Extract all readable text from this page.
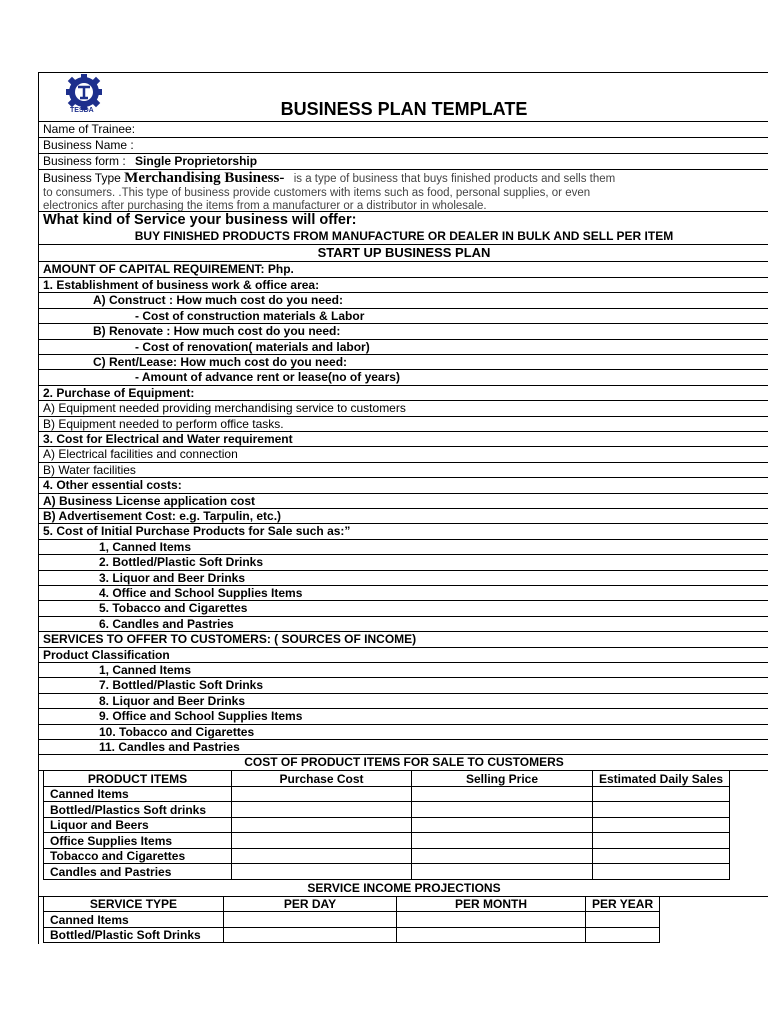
TESDA	BUSINESS PLAN TEMPLATE
Name of Trainee:
Business Name :
Business form : Single Proprietorship
Business Type Merchandising Business- is a type of business that buys finished products and sells them
to consumers. .This type of business provide customers with items such as food, personal supplies, or even
electronics after purchasing the items from a manufacturer or a distributor in wholesale.
What kind of Service your business will offer:
BUY FINISHED PRODUCTS FROM MANUFACTURE OR DEALER IN BULK AND SELL PER ITEM
START UP BUSINESS PLAN
AMOUNT OF CAPITAL REQUIREMENT: Php.
1. Establishment of business work & office area:
A) Construct : How much cost do you need:
- Cost of construction materials & Labor
B) Renovate : How much cost do you need:
- Cost of renovation( materials and labor)
C) Rent/Lease: How much cost do you need:
- Amount of advance rent or lease(no of years)
2. Purchase of Equipment:
A) Equipment needed providing merchandising service to customers
B) Equipment needed to perform office tasks.
3. Cost for Electrical and Water requirement
A) Electrical facilities and connection
B) Water facilities
4. Other essential costs:
A) Business License application cost
B) Advertisement Cost: e.g. Tarpulin, etc.)
5. Cost of Initial Purchase Products for Sale such as:”
1, Canned Items
2. Bottled/Plastic Soft Drinks
3. Liquor and Beer Drinks
4. Office and School Supplies Items
5. Tobacco and Cigarettes
6. Candles and Pastries
SERVICES TO OFFER TO CUSTOMERS: ( SOURCES OF INCOME)
Product Classification
1, Canned Items
7. Bottled/Plastic Soft Drinks
8. Liquor and Beer Drinks
9. Office and School Supplies Items
10. Tobacco and Cigarettes
11. Candles and Pastries
COST OF PRODUCT ITEMS FOR SALE TO CUSTOMERS
PRODUCT ITEMS	Purchase Cost	Selling Price	Estimated Daily Sales
Canned Items			
Bottled/Plastics Soft drinks			
Liquor and Beers			
Office Supplies Items			
Tobacco and Cigarettes			
Candles and Pastries			
SERVICE INCOME PROJECTIONS
SERVICE TYPE	PER DAY	PER MONTH	PER YEAR
Canned Items			
Bottled/Plastic Soft Drinks			
